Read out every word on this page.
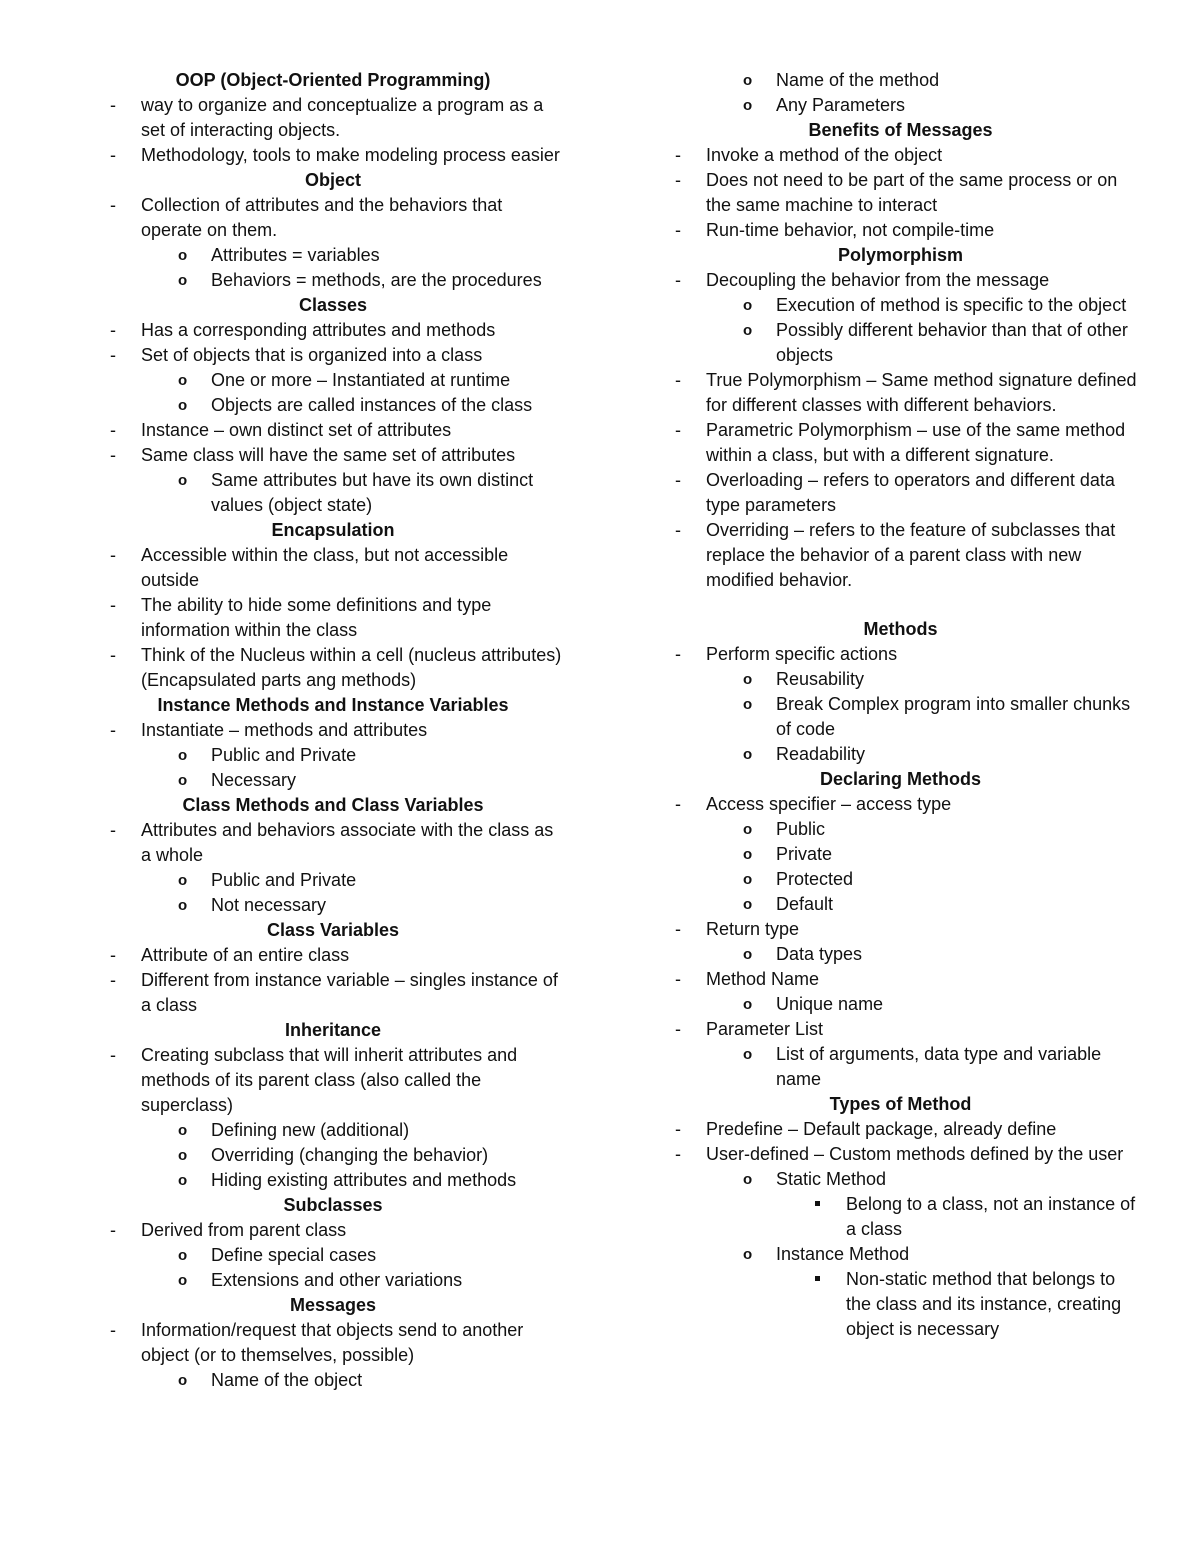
OOP (Object-Oriented Programming)
- way to organize and conceptualize a program as a set of interacting objects.
- Methodology, tools to make modeling process easier
Object
- Collection of attributes and the behaviors that operate on them.
o Attributes = variables
o Behaviors = methods, are the procedures
Classes
- Has a corresponding attributes and methods
- Set of objects that is organized into a class
o One or more – Instantiated at runtime
o Objects are called instances of the class
- Instance – own distinct set of attributes
- Same class will have the same set of attributes
o Same attributes but have its own distinct values (object state)
Encapsulation
- Accessible within the class, but not accessible outside
- The ability to hide some definitions and type information within the class
- Think of the Nucleus within a cell (nucleus attributes) (Encapsulated parts ang methods)
Instance Methods and Instance Variables
- Instantiate – methods and attributes
o Public and Private
o Necessary
Class Methods and Class Variables
- Attributes and behaviors associate with the class as a whole
o Public and Private
o Not necessary
Class Variables
- Attribute of an entire class
- Different from instance variable – singles instance of a class
Inheritance
- Creating subclass that will inherit attributes and methods of its parent class (also called the superclass)
o Defining new (additional)
o Overriding (changing the behavior)
o Hiding existing attributes and methods
Subclasses
- Derived from parent class
o Define special cases
o Extensions and other variations
Messages
- Information/request that objects send to another object (or to themselves, possible)
o Name of the object
o Name of the method
o Any Parameters
Benefits of Messages
- Invoke a method of the object
- Does not need to be part of the same process or on the same machine to interact
- Run-time behavior, not compile-time
Polymorphism
- Decoupling the behavior from the message
o Execution of method is specific to the object
o Possibly different behavior than that of other objects
- True Polymorphism – Same method signature defined for different classes with different behaviors.
- Parametric Polymorphism – use of the same method within a class, but with a different signature.
- Overloading – refers to operators and different data type parameters
- Overriding – refers to the feature of subclasses that replace the behavior of a parent class with new modified behavior.
Methods
- Perform specific actions
o Reusability
o Break Complex program into smaller chunks of code
o Readability
Declaring Methods
- Access specifier – access type
o Public
o Private
o Protected
o Default
- Return type
o Data types
- Method Name
o Unique name
- Parameter List
o List of arguments, data type and variable name
Types of Method
- Predefine – Default package, already define
- User-defined – Custom methods defined by the user
o Static Method
Belong to a class, not an instance of a class
o Instance Method
Non-static method that belongs to the class and its instance, creating object is necessary
